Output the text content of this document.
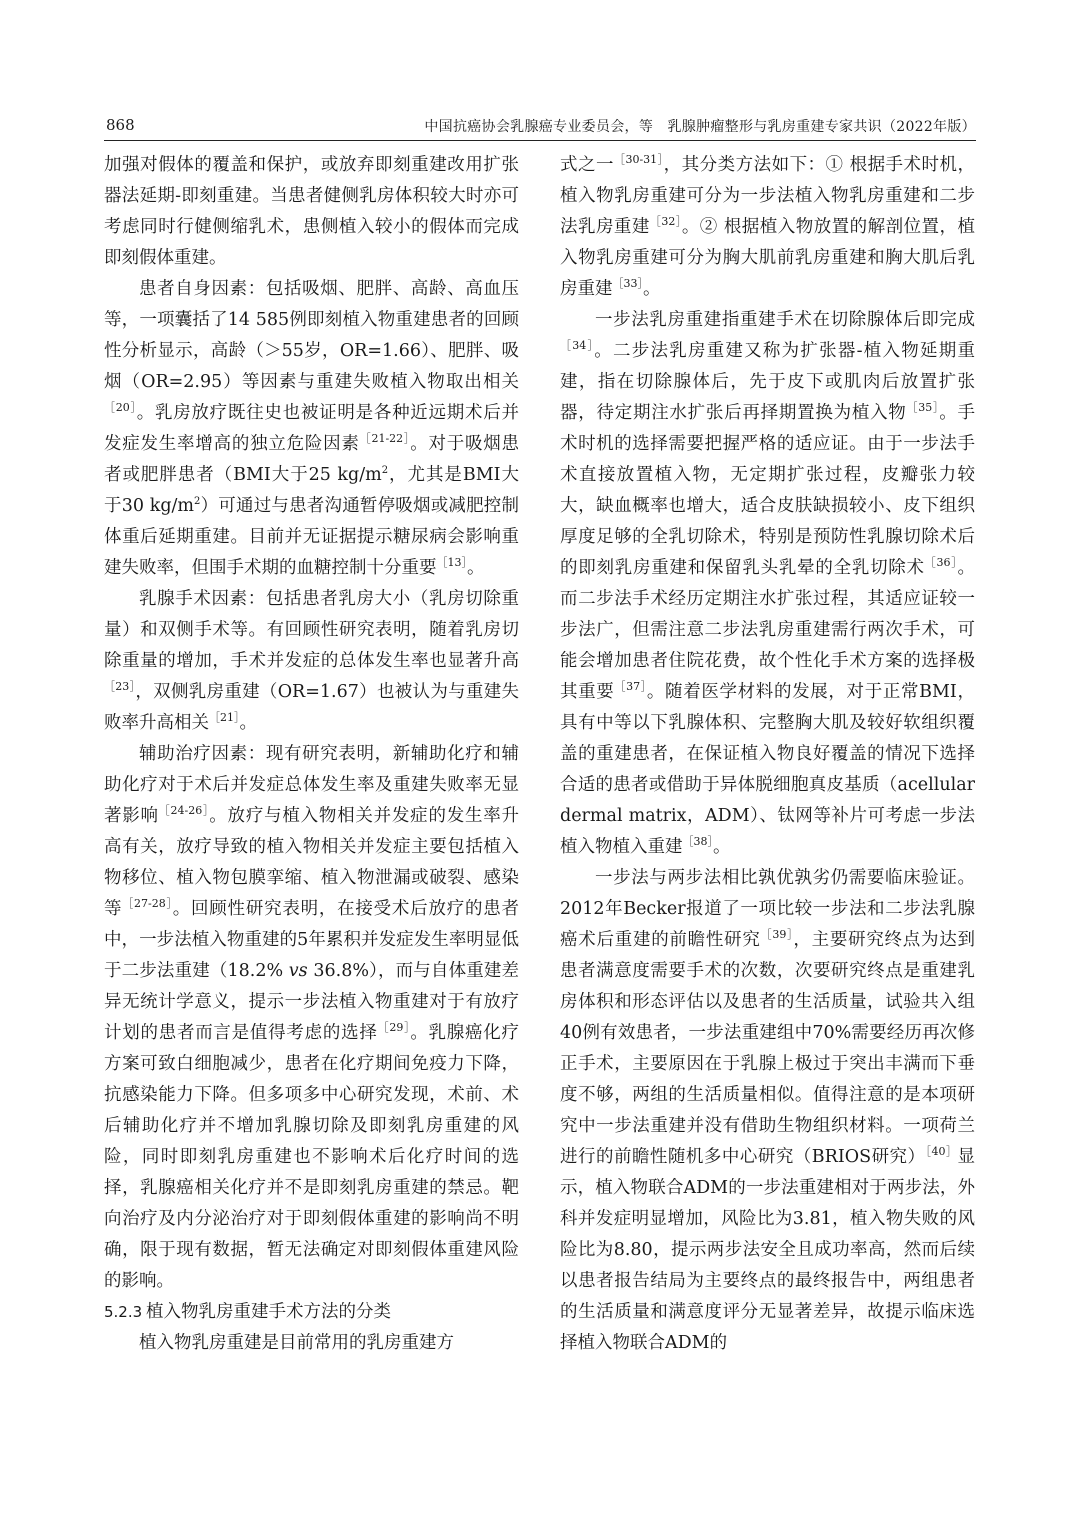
868	中国抗癌协会乳腺癌专业委员会，等　乳腺肿瘤整形与乳房重建专家共识（2022年版）

加强对假体的覆盖和保护，或放弃即刻重建改用扩张器法延期-即刻重建。当患者健侧乳房体积较大时亦可考虑同时行健侧缩乳术，患侧植入较小的假体而完成即刻假体重建。

患者自身因素：包括吸烟、肥胖、高龄、高血压等，一项囊括了14 585例即刻植入物重建患者的回顾性分析显示，高龄（＞55岁，OR=1.66）、肥胖、吸烟（OR=2.95）等因素与重建失败植入物取出相关$^{[20]}$。乳房放疗既往史也被证明是各种近远期术后并发症发生率增高的独立危险因素$^{[21-22]}$。对于吸烟患者或肥胖患者（BMI大于25 $kg/m^2$，尤其是BMI大于30 $kg/m^2$）可通过与患者沟通暂停吸烟或减肥控制体重后延期重建。目前并无证据提示糖尿病会影响重建失败率，但围手术期的血糖控制十分重要$^{[13]}$。

乳腺手术因素：包括患者乳房大小（乳房切除重量）和双侧手术等。有回顾性研究表明，随着乳房切除重量的增加，手术并发症的总体发生率也显著升高$^{[23]}$，双侧乳房重建（OR=1.67）也被认为与重建失败率升高相关$^{[21]}$。

辅助治疗因素：现有研究表明，新辅助化疗和辅助化疗对于术后并发症总体发生率及重建失败率无显著影响$^{[24-26]}$。放疗与植入物相关并发症的发生率升高有关，放疗导致的植入物相关并发症主要包括植入物移位、植入物包膜挛缩、植入物泄漏或破裂、感染等$^{[27-28]}$。回顾性研究表明，在接受术后放疗的患者中，一步法植入物重建的5年累积并发症发生率明显低于二步法重建（18.2% vs 36.8%），而与自体重建差异无统计学意义，提示一步法植入物重建对于有放疗计划的患者而言是值得考虑的选择$^{[29]}$。乳腺癌化疗方案可致白细胞减少，患者在化疗期间免疫力下降，抗感染能力下降。但多项多中心研究发现，术前、术后辅助化疗并不增加乳腺切除及即刻乳房重建的风险，同时即刻乳房重建也不影响术后化疗时间的选择，乳腺癌相关化疗并不是即刻乳房重建的禁忌。靶向治疗及内分泌治疗对于即刻假体重建的影响尚不明确，限于现有数据，暂无法确定对即刻假体重建风险的影响。

5.2.3 植入物乳房重建手术方法的分类

植入物乳房重建是目前常用的乳房重建方

式之一$^{[30-31]}$，其分类方法如下：① 根据手术时机，植入物乳房重建可分为一步法植入物乳房重建和二步法乳房重建$^{[32]}$。② 根据植入物放置的解剖位置，植入物乳房重建可分为胸大肌前乳房重建和胸大肌后乳房重建$^{[33]}$。

一步法乳房重建指重建手术在切除腺体后即完成$^{[34]}$。二步法乳房重建又称为扩张器-植入物延期重建，指在切除腺体后，先于皮下或肌肉后放置扩张器，待定期注水扩张后再择期置换为植入物$^{[35]}$。手术时机的选择需要把握严格的适应证。由于一步法手术直接放置植入物，无定期扩张过程，皮瓣张力较大，缺血概率也增大，适合皮肤缺损较小、皮下组织厚度足够的全乳切除术，特别是预防性乳腺切除术后的即刻乳房重建和保留乳头乳晕的全乳切除术$^{[36]}$。而二步法手术经历定期注水扩张过程，其适应证较一步法广，但需注意二步法乳房重建需行两次手术，可能会增加患者住院花费，故个性化手术方案的选择极其重要$^{[37]}$。随着医学材料的发展，对于正常BMI，具有中等以下乳腺体积、完整胸大肌及较好软组织覆盖的重建患者，在保证植入物良好覆盖的情况下选择合适的患者或借助于异体脱细胞真皮基质（acellular dermal matrix，ADM）、钛网等补片可考虑一步法植入物植入重建$^{[38]}$。

一步法与两步法相比孰优孰劣仍需要临床验证。2012年Becker报道了一项比较一步法和二步法乳腺癌术后重建的前瞻性研究$^{[39]}$，主要研究终点为达到患者满意度需要手术的次数，次要研究终点是重建乳房体积和形态评估以及患者的生活质量，试验共入组40例有效患者，一步法重建组中70%需要经历再次修正手术，主要原因在于乳腺上极过于突出丰满而下垂度不够，两组的生活质量相似。值得注意的是本项研究中一步法重建并没有借助生物组织材料。一项荷兰进行的前瞻性随机多中心研究（BRIOS研究）$^{[40]}$显示，植入物联合ADM的一步法重建相对于两步法，外科并发症明显增加，风险比为3.81，植入物失败的风险比为8.80，提示两步法安全且成功率高，然而后续以患者报告结局为主要终点的最终报告中，两组患者的生活质量和满意度评分无显著差异，故提示临床选择植入物联合ADM的
